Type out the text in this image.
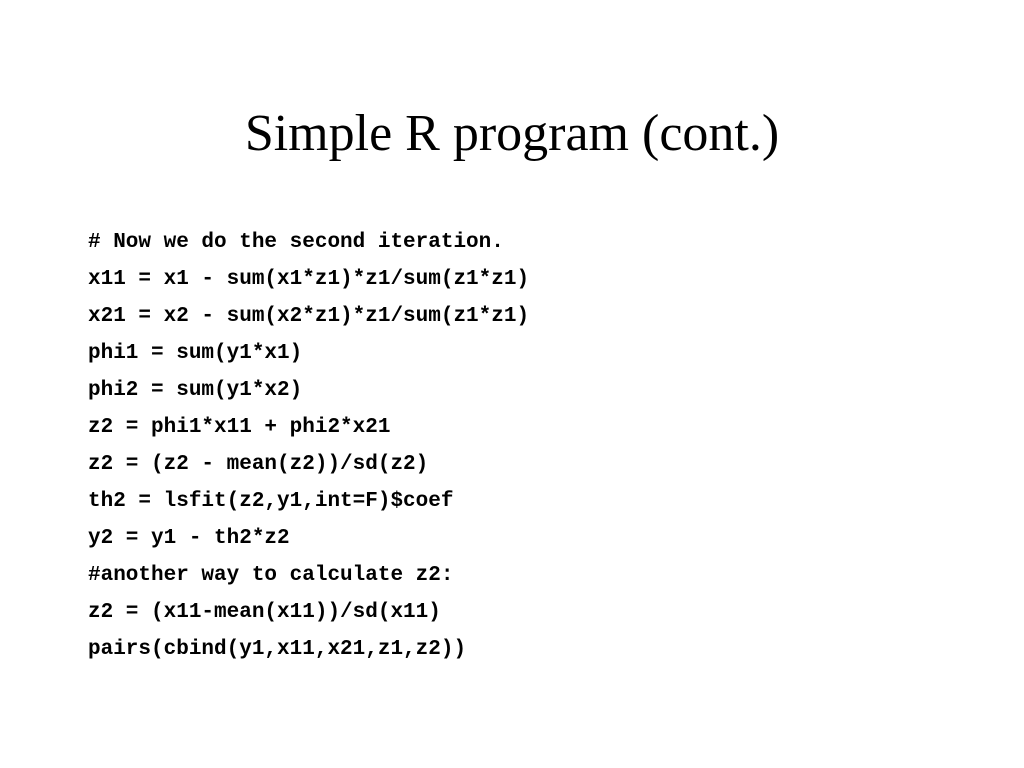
Simple R program (cont.)
# Now we do the second iteration.
x11 = x1 - sum(x1*z1)*z1/sum(z1*z1)
x21 = x2 - sum(x2*z1)*z1/sum(z1*z1)
phi1 = sum(y1*x1)
phi2 = sum(y1*x2)
z2 = phi1*x11 + phi2*x21
z2 = (z2 - mean(z2))/sd(z2)
th2 = lsfit(z2,y1,int=F)$coef
y2 = y1 - th2*z2
#another way to calculate z2:
z2 = (x11-mean(x11))/sd(x11)
pairs(cbind(y1,x11,x21,z1,z2))
